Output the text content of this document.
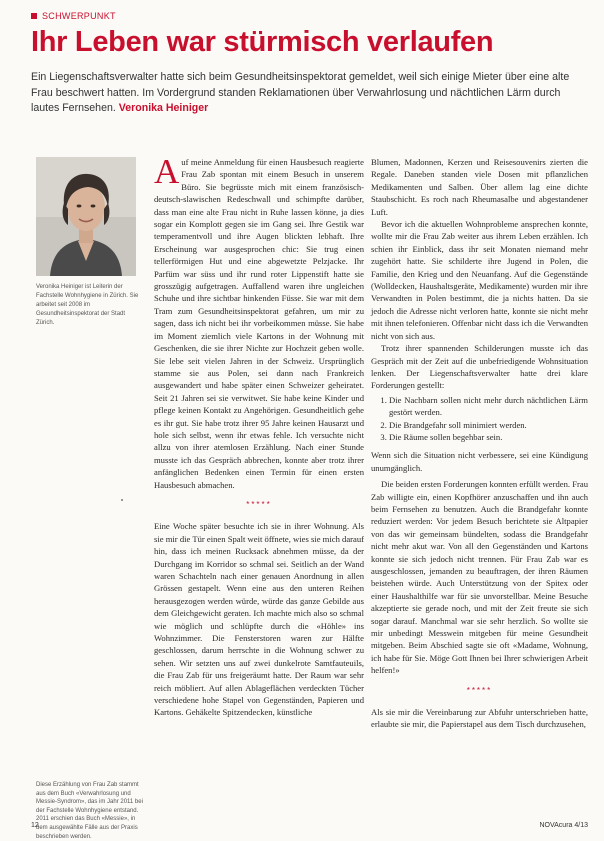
SCHWERPUNKT
Ihr Leben war stürmisch verlaufen

Ein Liegenschaftsverwalter hatte sich beim Gesundheitsinspektorat gemeldet, weil sich einige Mieter über eine alte Frau beschwert hatten. Im Vordergrund standen Reklamationen über Verwahrlosung und nächtlichen Lärm durch lautes Fernsehen. Veronika Heiniger

Veronika Heiniger ist Leiterin der Fachstelle Wohnhygiene in Zürich. Sie arbeitet seit 2008 im Gesundheitsinspektorat der Stadt Zürich.

Diese Erzählung von Frau Zab stammt aus dem Buch «Verwahrlosung und Messie-Syndrom», das im Jahr 2011 bei der Fachstelle Wohnhygiene entstand. 2011 erschien das Buch «Messie», in dem ausgewählte Fälle aus der Praxis beschrieben werden.

Auf meine Anmeldung für einen Hausbesuch reagierte Frau Zab spontan mit einem Besuch in unserem Büro. Sie begrüsste mich mit einem französisch-deutsch-slawischen Redeschwall und schimpfte darüber, dass man eine alte Frau nicht in Ruhe lassen könne, ja dies sogar ein Komplott gegen sie im Gang sei. Ihre Gestik war temperamentvoll und ihre Augen blickten lebhaft. Ihre Erscheinung war ausgesprochen chic: Sie trug einen tellerförmigen Hut und eine abgewetzte Pelzjacke. Ihr Parfüm war süss und ihr rund roter Lippenstift hatte sie grosszügig aufgetragen. Auffallend waren ihre ungleichen Schuhe und ihre sichtbar hinkenden Füsse. Sie war mit dem Tram zum Gesundheitsinspektorat gefahren, um mir zu sagen, dass ich nicht bei ihr vorbeikommen müsse. Sie habe im Moment ziemlich viele Kartons in der Wohnung mit Geschenken, die sie ihrer Nichte zur Hochzeit geben wolle. Sie lebe seit vielen Jahren in der Schweiz. Ursprünglich stamme sie aus Polen, sei dann nach Frankreich ausgewandert und habe später einen Schweizer geheiratet. Seit 21 Jahren sei sie verwitwet. Sie habe keine Kinder und pflege keinen Kontakt zu Angehörigen. Gesundheitlich gehe es ihr gut. Sie habe trotz ihrer 95 Jahre keinen Hausarzt und hole sich selbst, wenn ihr etwas fehle. Ich versuchte nicht allzu von ihrer atemlosen Erzählung. Nach einer Stunde musste ich das Gespräch abbrechen, konnte aber trotz ihrer anfänglichen Bedenken einen Termin für einen ersten Hausbesuch abmachen.

*****

Eine Woche später besuchte ich sie in ihrer Wohnung. Als sie mir die Tür einen Spalt weit öffnete, wies sie mich darauf hin, dass ich meinen Rucksack abnehmen müsse, da der Durchgang im Korridor so schmal sei. Seitlich an der Wand waren Schachteln nach einer genauen Anordnung in allen Grössen gestapelt. Wenn eine aus den unteren Reihen herausgezogen werden würde, würde das ganze Gebilde aus dem Gleichgewicht geraten. Ich machte mich also so schmal wie möglich und schlüpfte durch die «Höhle» ins Wohnzimmer. Die Fensterstoren waren zur Hälfte geschlossen, darum herrschte in die Wohnung schwer zu sehen. Wir setzten uns auf zwei dunkelrote Samtfauteuils, die Frau Zab für uns freigeräumt hatte. Der Raum war sehr reich möbliert. Auf allen Ablageflächen verdeckten Tücher verschiedene hohe Stapel von Gegenständen, Papieren und Kartons. Gehäkelte Spitzendecken, künstliche

Blumen, Madonnen, Kerzen und Reisesouvenirs zierten die Regale. Daneben standen viele Dosen mit pflanzlichen Medikamenten und Salben. Über allem lag eine dichte Staubschicht. Es roch nach Rheumasalbe und abgestandener Luft.

Bevor ich die aktuellen Wohnprobleme ansprechen konnte, wollte mir die Frau Zab weiter aus ihrem Leben erzählen. Ich schien ihr Einblick, dass ihr seit Monaten niemand mehr zugehört hatte. Sie schilderte ihre Jugend in Polen, die Familie, den Krieg und den Neuanfang. Auf die Gegenstände (Wolldecken, Haushaltsgeräte, Medikamente) wurden mir ihre Verwandten in Polen bestimmt, die ja nichts hatten. Da sie jedoch die Adresse nicht verloren hatte, konnte sie nicht mehr mit ihnen telefonieren. Offenbar nicht dass ich die Verwandten nicht von sich aus.

Trotz ihrer spannenden Schilderungen musste ich das Gespräch mit der Zeit auf die unbefriedigende Wohnsituation lenken. Der Liegenschaftsverwalter hatte drei klare Forderungen gestellt:

1. Die Nachbarn sollen nicht mehr durch nächtlichen Lärm gestört werden.
2. Die Brandgefahr soll minimiert werden.
3. Die Räume sollen begehbar sein.

Wenn sich die Situation nicht verbessere, sei eine Kündigung unumgänglich.

Die beiden ersten Forderungen konnten erfüllt werden. Frau Zab willigte ein, einen Kopfhörer anzuschaffen und ihn auch beim Fernsehen zu benutzen. Auch die Brandgefahr konnte reduziert werden: Vor jedem Besuch berichtete sie Altpapier von das wir gemeinsam bündelten, sodass die Brandgefahr nicht mehr akut war. Von all den Gegenständen und Kartons konnte sie sich jedoch nicht trennen. Für Frau Zab war es ausgeschlossen, jemanden zu beauftragen, der ihren Räumen beistehen würde. Auch Unterstützung von der Spitex oder einer Haushalthilfe war für sie unvorstellbar. Meine Besuche akzeptierte sie gerade noch, und mit der Zeit freute sie sich sogar darauf. Manchmal war sie sehr herzlich. So wollte sie mir unbedingt Messwein mitgeben für meine Gesundheit mitgeben. Beim Abschied sagte sie oft «Madame, Wohnung, ich habe für Sie. Möge Gott Ihnen bei Ihrer schwierigen Arbeit helfen!»

*****

Als sie mir die Vereinbarung zur Abfuhr unterschrieben hatte, erlaubte sie mir, die Papierstapel aus dem Tisch durchzusehen,

12	NOVAcura 4/13
